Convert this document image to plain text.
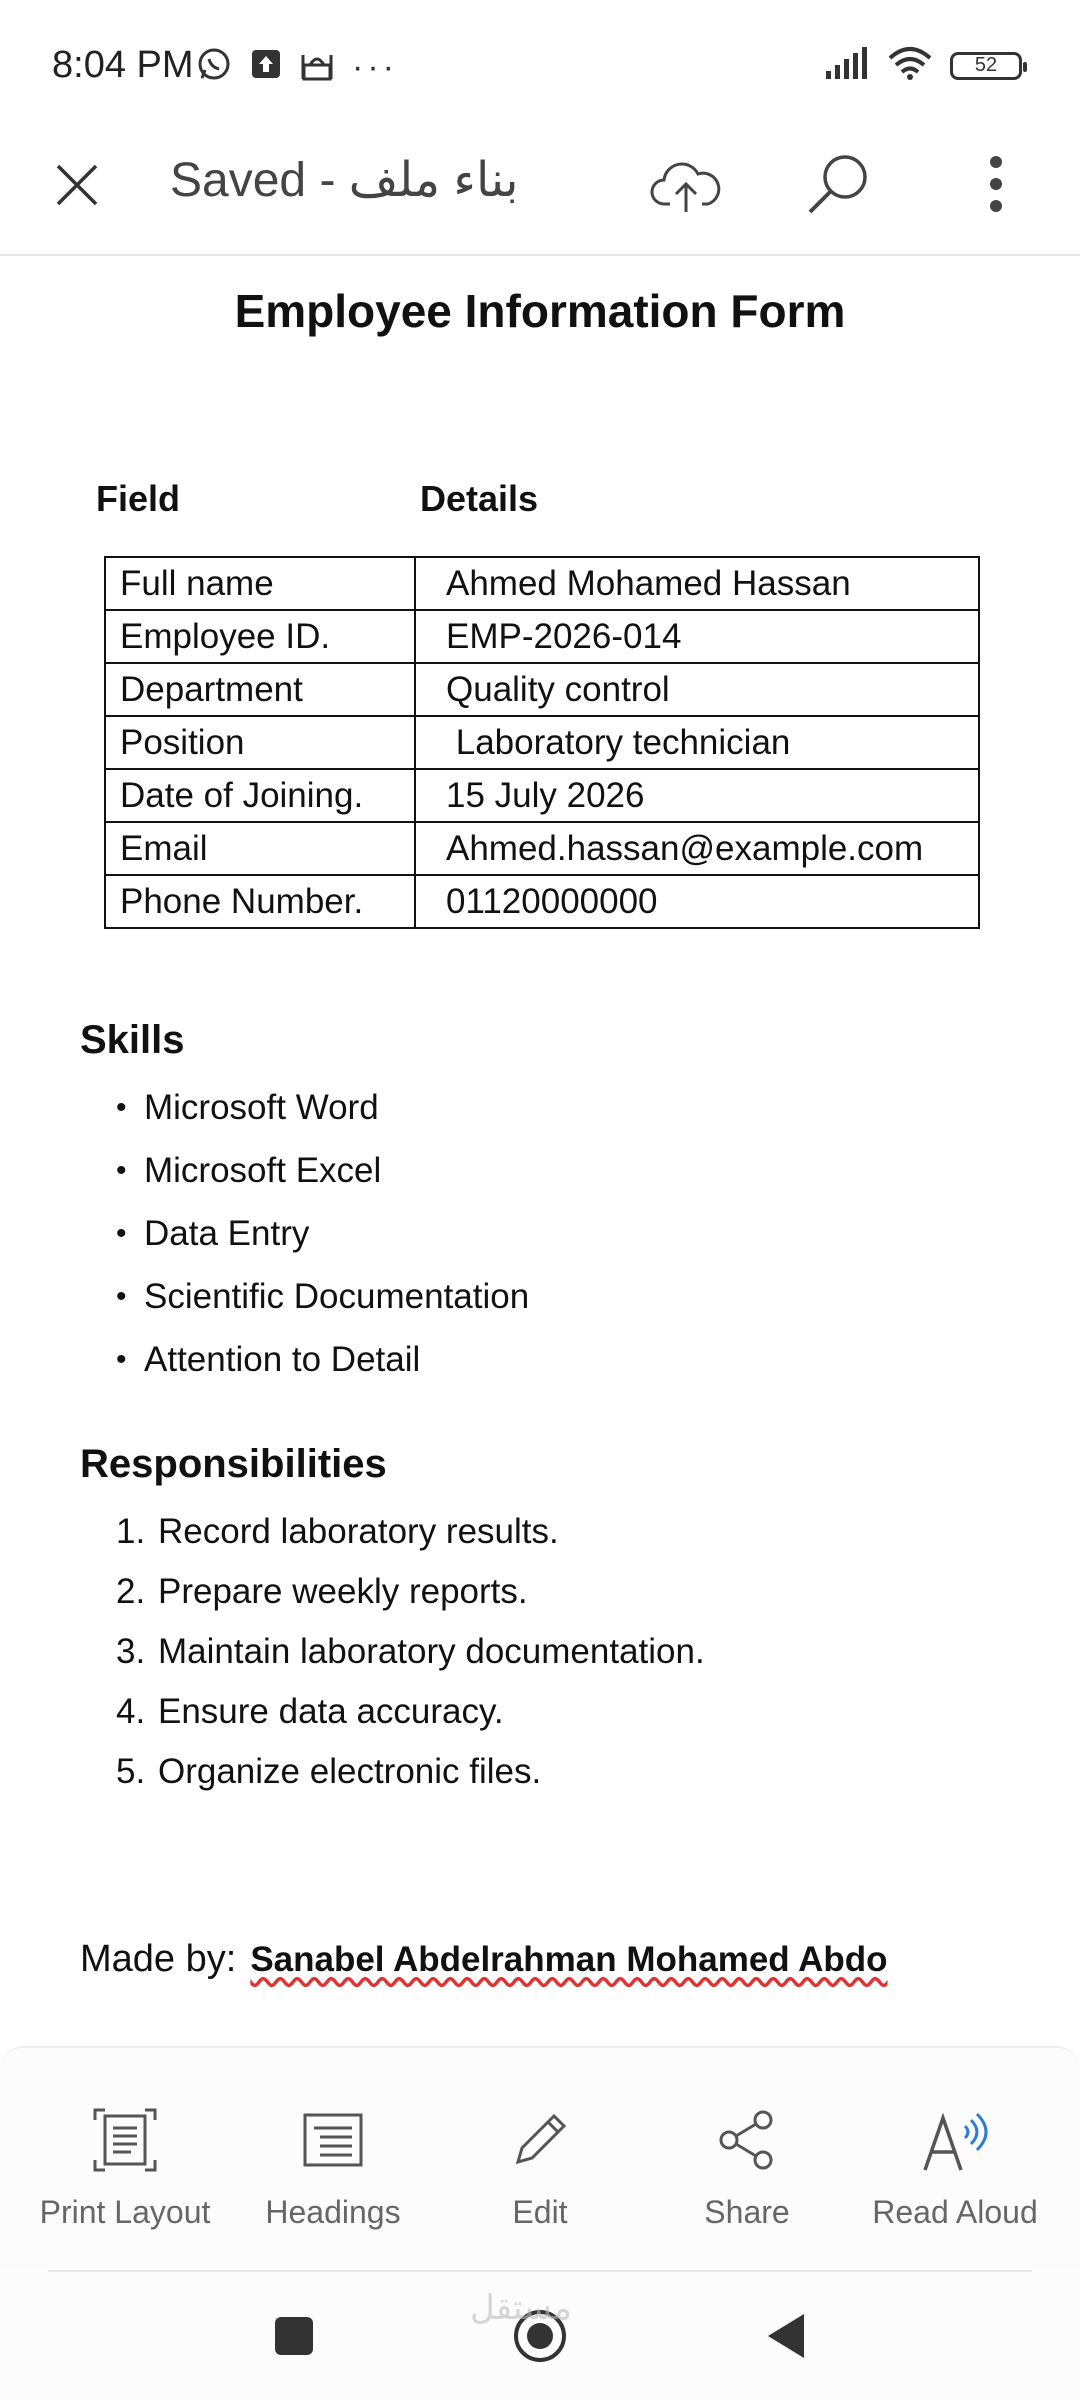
8:04 PM	···	52
Saved - بناء ملف
Employee Information Form
Field	Details
Full name	Ahmed Mohamed Hassan
Employee ID.	EMP-2026-014
Department	Quality control
Position	Laboratory technician
Date of Joining.	15 July 2026
Email	Ahmed.hassan@example.com
Phone Number.	01120000000
Skills
• Microsoft Word
• Microsoft Excel
• Data Entry
• Scientific Documentation
• Attention to Detail
Responsibilities
1. Record laboratory results.
2. Prepare weekly reports.
3. Maintain laboratory documentation.
4. Ensure data accuracy.
5. Organize electronic files.
Made by: Sanabel Abdelrahman Mohamed Abdo
Print Layout	Headings	Edit	Share	Read Aloud
مستقل
